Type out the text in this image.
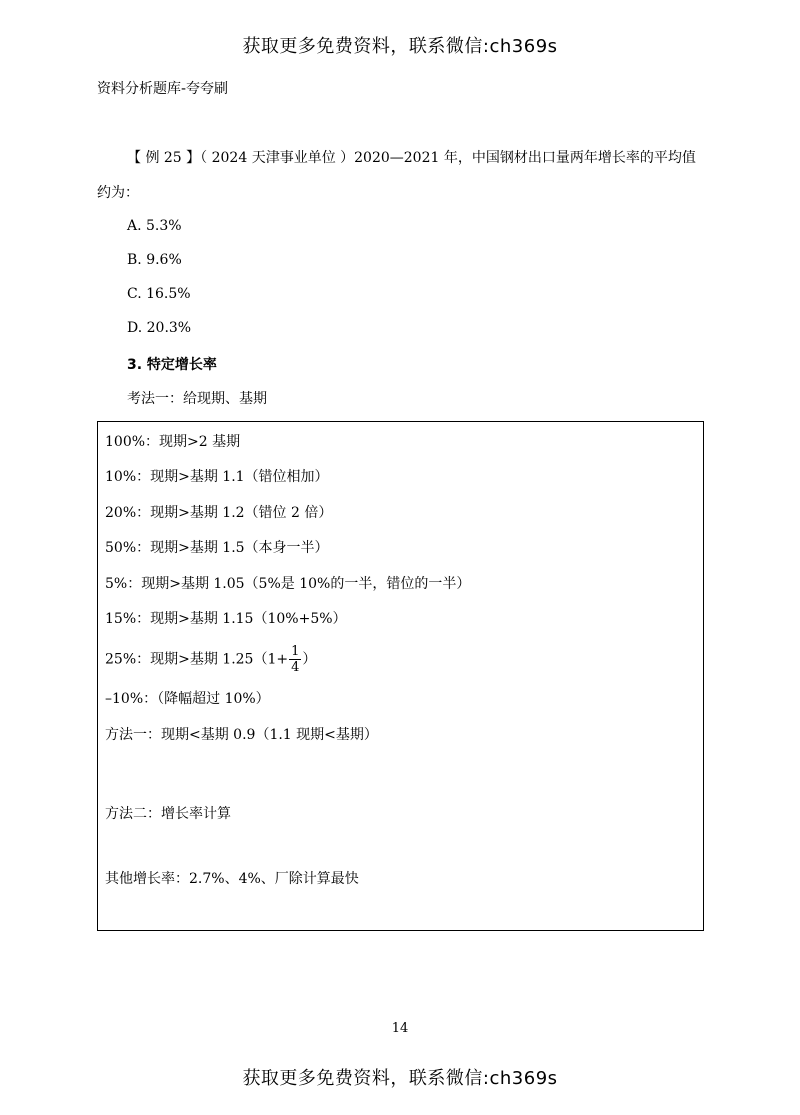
获取更多免费资料，联系微信:ch369s
资料分析题库-夸夸刷
【 例 25 】（ 2024 天津事业单位 ）2020—2021 年，中国钢材出口量两年增长率的平均值
约为：
A. 5.3%
B. 9.6%
C. 16.5%
D. 20.3%
3. 特定增长率
考法一：给现期、基期
100%：现期>2 基期
10%：现期>基期 1.1（错位相加）
20%：现期>基期 1.2（错位 2 倍）
50%：现期>基期 1.5（本身一半）
5%：现期>基期 1.05（5%是 10%的一半，错位的一半）
15%：现期>基期 1.15（10%+5%）
25%：现期>基期 $1.25(1+ \frac{1}{4}$ ）
–10%：（降幅超过 10%）
方法一：现期<基期 0.9（1.1 现期<基期）
方法二：增长率计算
其他增长率：2.7%、4%、厂除计算最快
14
获取更多免费资料，联系微信:ch369s
